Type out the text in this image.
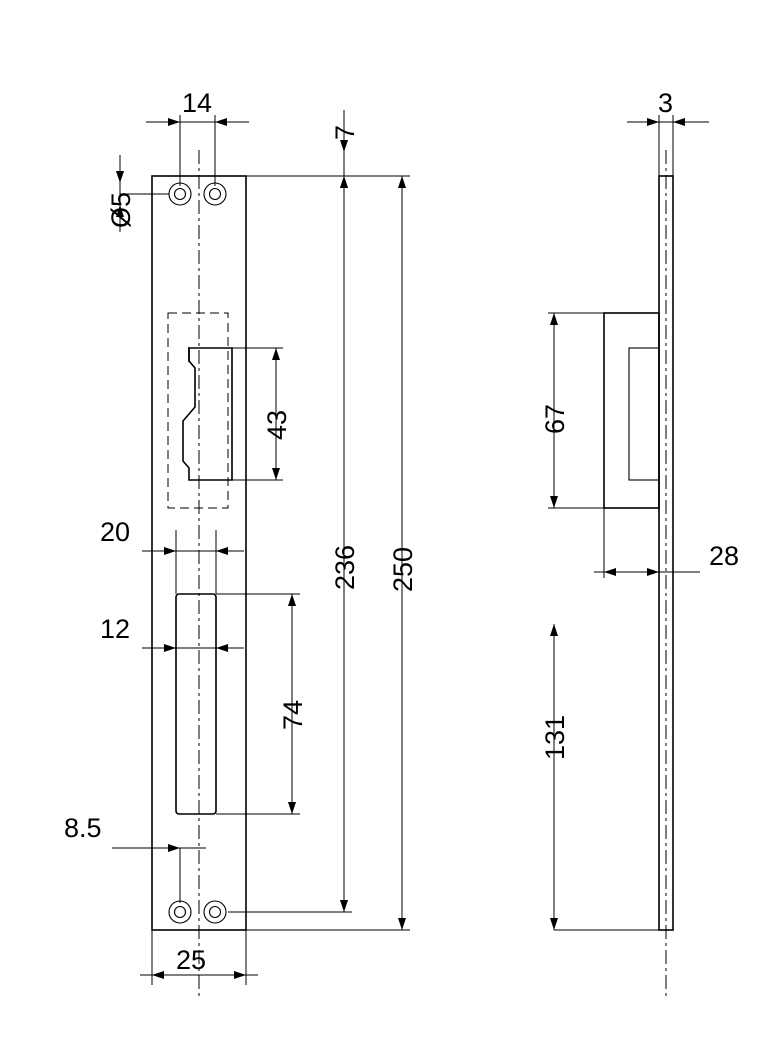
14
Ø5
7
43
20
12
74
8.5
236 250
25
3
67
28
131
